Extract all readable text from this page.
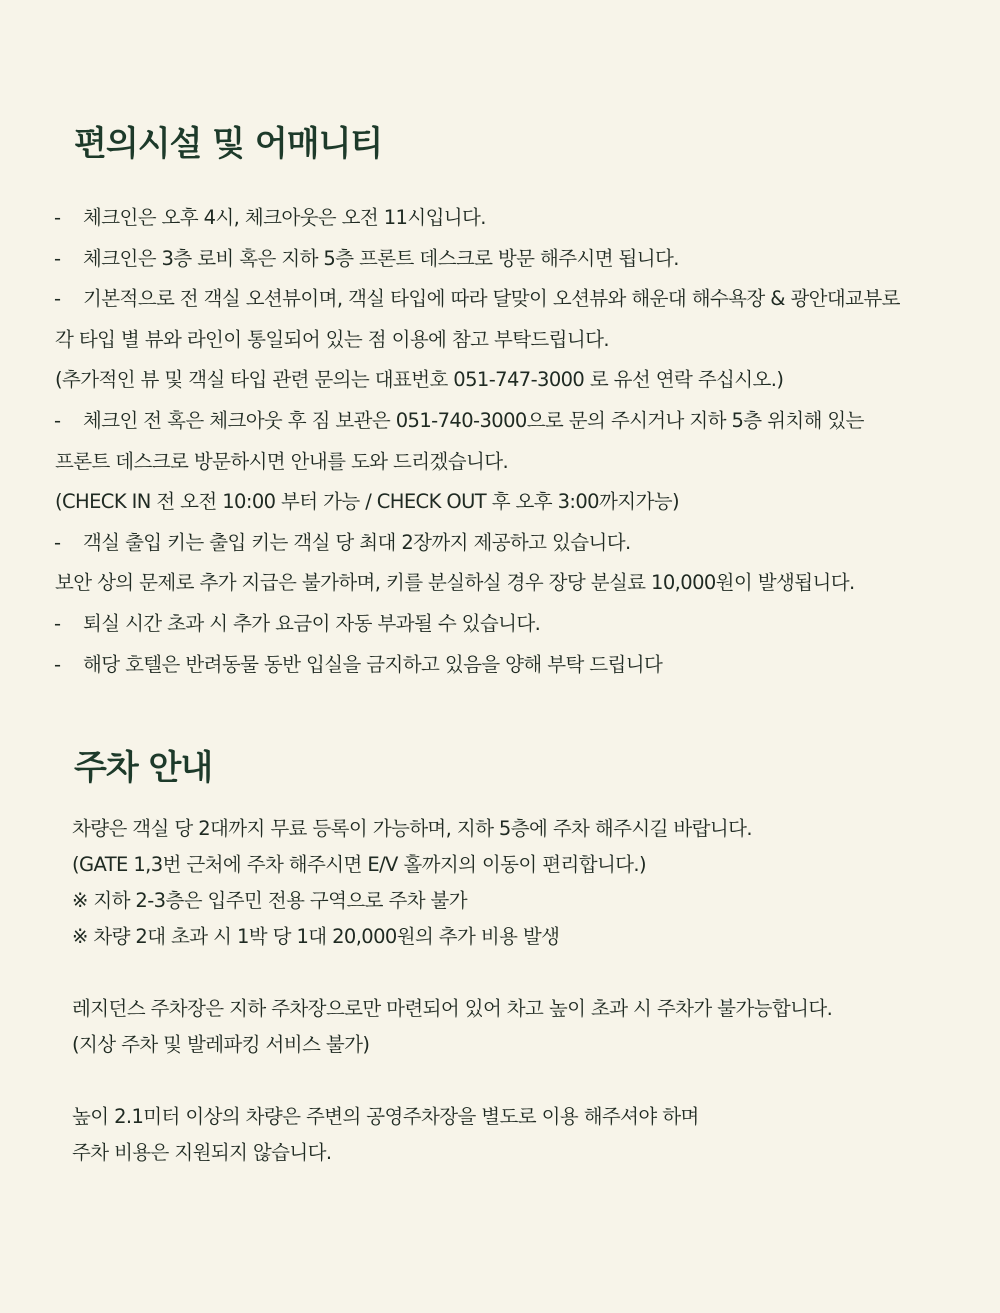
편의시설 및 어매니티
- 체크인은 오후 4시, 체크아웃은 오전 11시입니다.
- 체크인은 3층 로비 혹은 지하 5층 프론트 데스크로 방문 해주시면 됩니다.
- 기본적으로 전 객실 오션뷰이며, 객실 타입에 따라 달맞이 오션뷰와 해운대 해수욕장 & 광안대교뷰로
각 타입 별 뷰와 라인이 통일되어 있는 점 이용에 참고 부탁드립니다.
(추가적인 뷰 및 객실 타입 관련 문의는 대표번호 051-747-3000 로 유선 연락 주십시오.)
- 체크인 전 혹은 체크아웃 후 짐 보관은 051-740-3000으로 문의 주시거나 지하 5층 위치해 있는
프론트 데스크로 방문하시면 안내를 도와 드리겠습니다.
(CHECK IN 전 오전 10:00 부터 가능 / CHECK OUT 후 오후 3:00까지가능)
- 객실 출입 키는 출입 키는 객실 당 최대 2장까지 제공하고 있습니다.
보안 상의 문제로 추가 지급은 불가하며, 키를 분실하실 경우 장당 분실료 10,000원이 발생됩니다.
- 퇴실 시간 초과 시 추가 요금이 자동 부과될 수 있습니다.
- 해당 호텔은 반려동물 동반 입실을 금지하고 있음을 양해 부탁 드립니다
주차 안내
차량은 객실 당 2대까지 무료 등록이 가능하며, 지하 5층에 주차 해주시길 바랍니다.
(GATE 1,3번 근처에 주차 해주시면 E/V 홀까지의 이동이 편리합니다.)
※ 지하 2-3층은 입주민 전용 구역으로 주차 불가
※ 차량 2대 초과 시 1박 당 1대 20,000원의 추가 비용 발생
레지던스 주차장은 지하 주차장으로만 마련되어 있어 차고 높이 초과 시 주차가 불가능합니다.
(지상 주차 및 발레파킹 서비스 불가)
높이 2.1미터 이상의 차량은 주변의 공영주차장을 별도로 이용 해주셔야 하며
주차 비용은 지원되지 않습니다.
